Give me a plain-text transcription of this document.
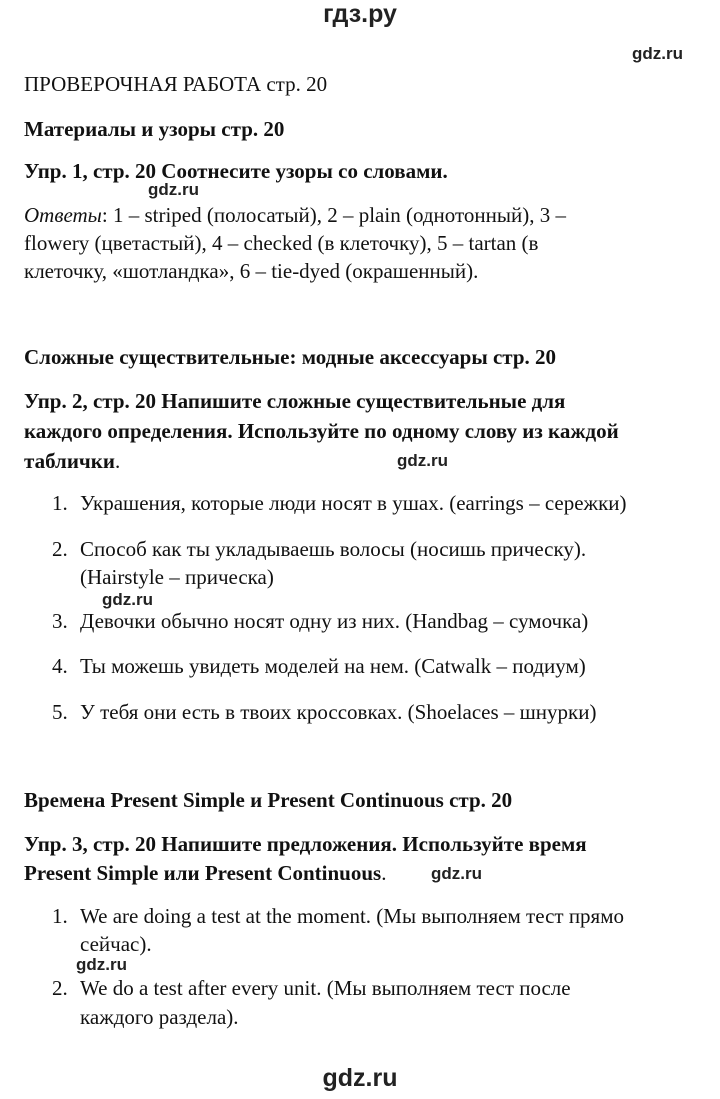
гдз.ру
gdz.ru
gdz.ru
gdz.ru
gdz.ru
gdz.ru
gdz.ru
gdz.ru
ПРОВЕРОЧНАЯ РАБОТА стр. 20
Материалы и узоры стр. 20
Упр. 1, стр. 20 Соотнесите узоры со словами.
Ответы: 1 – striped (полосатый), 2 – plain (однотонный), 3 –
flowery (цветастый), 4 – checked (в клеточку), 5 – tartan (в
клеточку, «шотландка», 6 – tie-dyed (окрашенный).
Сложные существительные: модные аксессуары стр. 20
Упр. 2, стр. 20 Напишите сложные существительные для
каждого определения. Используйте по одному слову из каждой
таблички.
1. Украшения, которые люди носят в ушах. (earrings – сережки)
2. Способ как ты укладываешь волосы (носишь прическу).
(Hairstyle – прическа)
3. Девочки обычно носят одну из них. (Handbag – сумочка)
4. Ты можешь увидеть моделей на нем. (Catwalk – подиум)
5. У тебя они есть в твоих кроссовках. (Shoelaces – шнурки)
Времена Present Simple и Present Continuous стр. 20
Упр. 3, стр. 20 Напишите предложения. Используйте время
Present Simple или Present Continuous.
1. We are doing a test at the moment. (Мы выполняем тест прямо
сейчас).
2. We do a test after every unit. (Мы выполняем тест после
каждого раздела).
